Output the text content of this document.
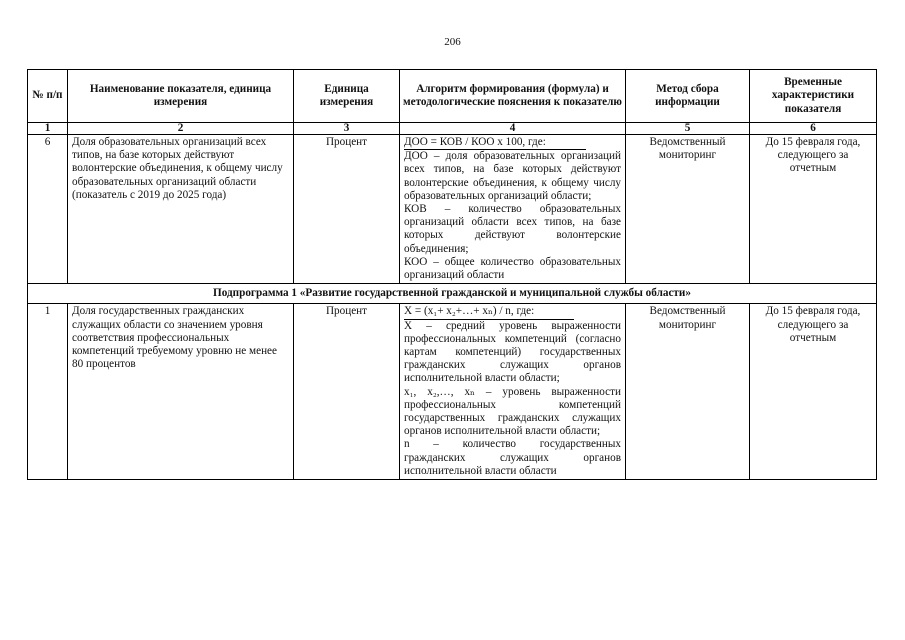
206
№ п/п	Наименование показателя, единица измерения	Единица измерения	Алгоритм формирования (формула) и методологические пояснения к показателю	Метод сбора информации	Временные характеристики показателя
1	2	3	4	5	6
6	Доля образовательных организаций всех типов, на базе которых действуют волонтерские объединения, к общему числу образовательных организаций области (показатель с 2019 до 2025 года)	Процент	ДОО = КОВ / КОО х 100, где:

ДОО – доля образовательных организаций всех типов, на базе которых действуют волонтерские объединения, к общему числу образовательных организаций области;

КОВ – количество образовательных организаций области всех типов, на базе которых действуют волонтерские объединения;

КОО – общее количество образовательных организаций области	Ведомственный мониторинг	До 15 февраля года, следующего за отчетным
Подпрограмма 1 «Развитие государственной гражданской и муниципальной службы области»					
1	Доля государственных гражданских служащих области со значением уровня соответствия профессиональных компетенций требуемому уровню не менее 80 процентов	Процент	X = (x₁+ x₂+…+ xₙ) / n, где:

X – средний уровень выраженности профессиональных компетенций (согласно картам компетенций) государственных гражданских служащих органов исполнительной власти области;

x₁, x₂,…, xₙ – уровень выраженности профессиональных компетенций государственных гражданских служащих органов исполнительной власти области;

n – количество государственных гражданских служащих органов исполнительной власти области	Ведомственный мониторинг	До 15 февраля года, следующего за отчетным
